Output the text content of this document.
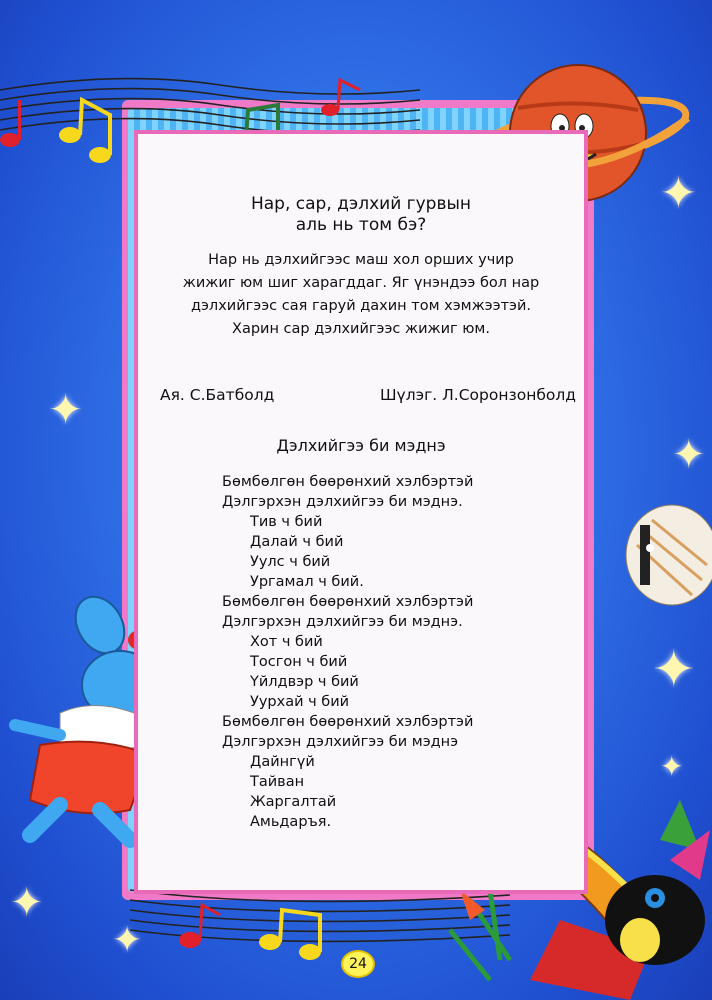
✦
✦
✦
✦
✦
✦
✦
Нар, сар, дэлхий гурвын
аль нь том бэ?
Нар нь дэлхийгээс маш хол орших учир
жижиг юм шиг харагддаг. Яг үнэндээ бол нар
дэлхийгээс сая гаруй дахин том хэмжээтэй.
Харин сар дэлхийгээс жижиг юм.
Ая. С.Батболд	Шүлэг. Л.Соронзонболд
Дэлхийгээ би мэднэ
Бөмбөлгөн бөөрөнхий хэлбэртэй
Дэлгэрхэн дэлхийгээ би мэднэ.
Тив ч бий
Далай ч бий
Уулс ч бий
Ургамал ч бий.
Бөмбөлгөн бөөрөнхий хэлбэртэй
Дэлгэрхэн дэлхийгээ би мэднэ.
Хот ч бий
Тосгон ч бий
Үйлдвэр ч бий
Уурхай ч бий
Бөмбөлгөн бөөрөнхий хэлбэртэй
Дэлгэрхэн дэлхийгээ би мэднэ
Дайнгүй
Тайван
Жаргалтай
Амьдаръя.
24
